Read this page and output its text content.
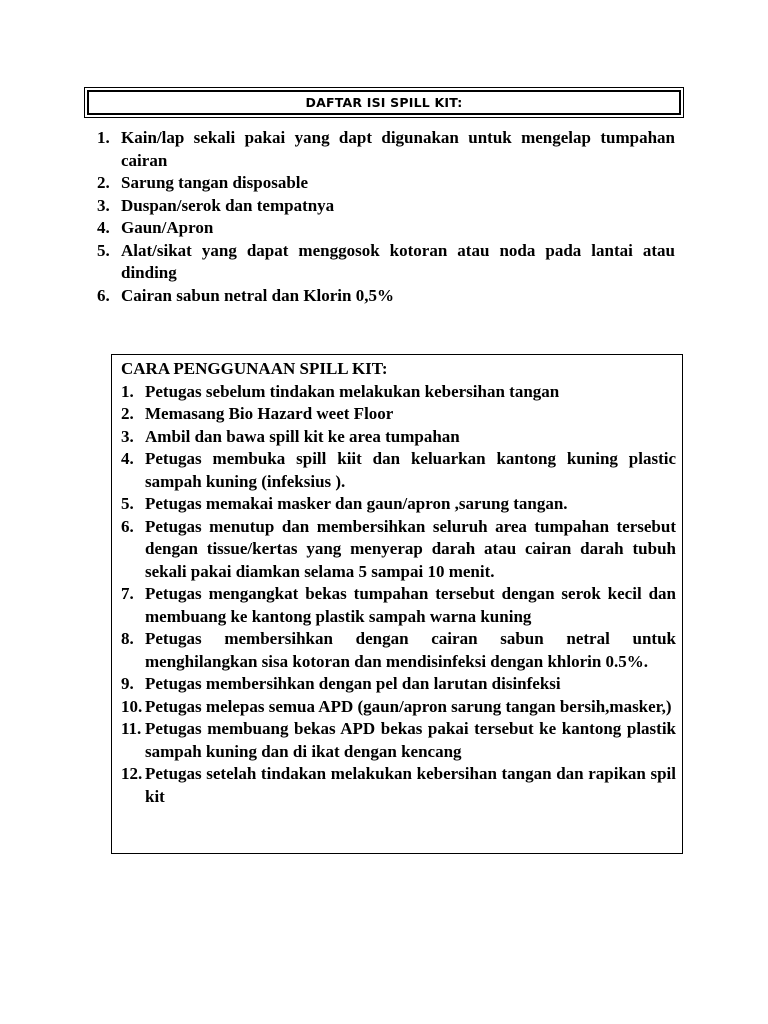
DAFTAR ISI SPILL KIT:
1. Kain/lap sekali pakai yang dapt digunakan untuk mengelap tumpahan cairan
2. Sarung tangan disposable
3. Duspan/serok dan tempatnya
4. Gaun/Apron
5. Alat/sikat yang dapat menggosok kotoran atau noda pada lantai atau dinding
6. Cairan sabun netral dan Klorin 0,5%
CARA PENGGUNAAN SPILL KIT:
1. Petugas sebelum tindakan melakukan kebersihan tangan
2. Memasang Bio Hazard weet Floor
3. Ambil dan bawa spill kit ke area tumpahan
4. Petugas membuka spill kiit dan keluarkan kantong kuning plastic sampah kuning (infeksius ).
5. Petugas memakai masker dan gaun/apron ,sarung tangan.
6. Petugas menutup dan membersihkan seluruh area tumpahan tersebut dengan tissue/kertas yang menyerap darah atau cairan darah tubuh sekali pakai diamkan selama 5 sampai 10 menit.
7. Petugas mengangkat bekas tumpahan tersebut dengan serok kecil dan membuang ke kantong plastik sampah warna kuning
8. Petugas membersihkan dengan cairan sabun netral untuk menghilangkan sisa kotoran dan mendisinfeksi dengan khlorin 0.5%.
9. Petugas membersihkan dengan pel dan larutan disinfeksi
10. Petugas melepas semua APD (gaun/apron sarung tangan bersih,masker,)
11. Petugas membuang bekas APD bekas pakai tersebut ke kantong plastik sampah kuning dan di ikat dengan kencang
12. Petugas setelah tindakan melakukan kebersihan tangan dan rapikan spil kit
